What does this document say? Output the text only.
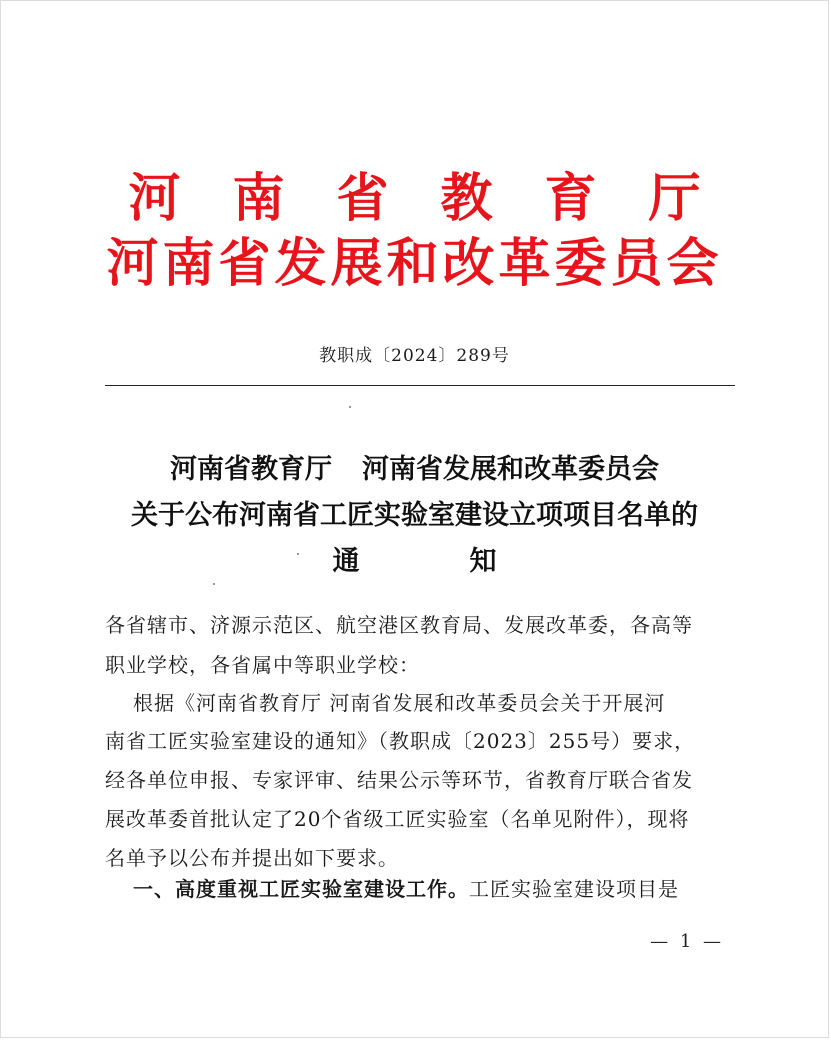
河南省教育厅
河南省发展和改革委员会
教职成〔2024〕289号
河南省教育厅 河南省发展和改革委员会
关于公布河南省工匠实验室建设立项项目名单的
通	知
各省辖市、济源示范区、航空港区教育局、发展改革委，各高等
职业学校，各省属中等职业学校：
根据《河南省教育厅 河南省发展和改革委员会关于开展河
南省工匠实验室建设的通知》（教职成〔2023〕255号）要求，
经各单位申报、专家评审、结果公示等环节，省教育厅联合省发
展改革委首批认定了20个省级工匠实验室（名单见附件），现将
名单予以公布并提出如下要求。
一、高度重视工匠实验室建设工作。工匠实验室建设项目是
— 1 —
